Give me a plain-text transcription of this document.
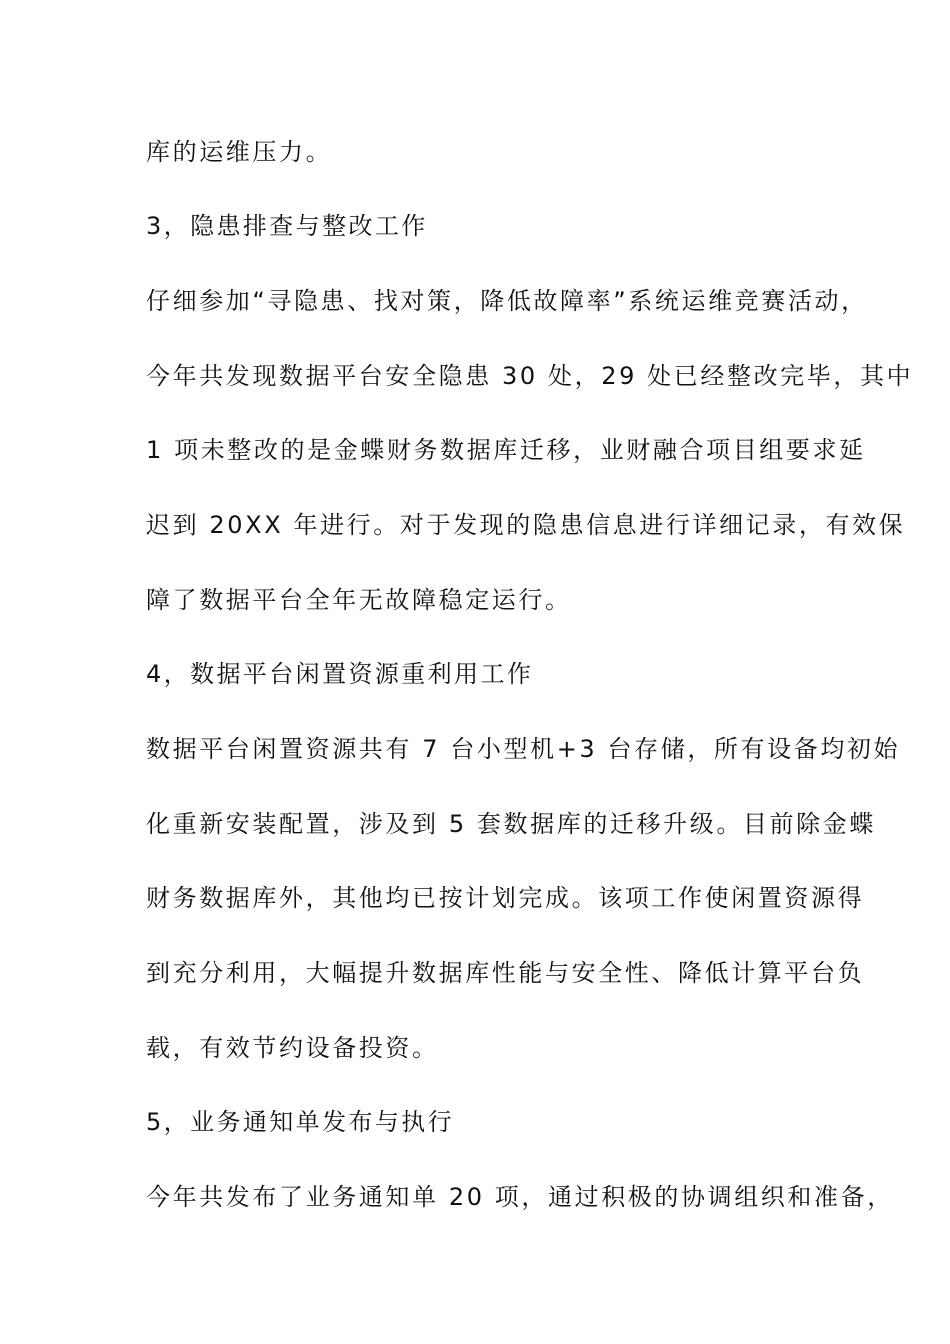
库的运维压力。
3，隐患排查与整改工作
仔细参加“寻隐患、找对策，降低故障率”系统运维竞赛活动，
今年共发现数据平台安全隐患 30 处，29 处已经整改完毕，其中
1 项未整改的是金蝶财务数据库迁移，业财融合项目组要求延
迟到 20XX 年进行。对于发现的隐患信息进行详细记录，有效保
障了数据平台全年无故障稳定运行。
4，数据平台闲置资源重利用工作
数据平台闲置资源共有 7 台小型机+3 台存储，所有设备均初始
化重新安装配置，涉及到 5 套数据库的迁移升级。目前除金蝶
财务数据库外，其他均已按计划完成。该项工作使闲置资源得
到充分利用，大幅提升数据库性能与安全性、降低计算平台负
载，有效节约设备投资。
5，业务通知单发布与执行
今年共发布了业务通知单 20 项，通过积极的协调组织和准备，
